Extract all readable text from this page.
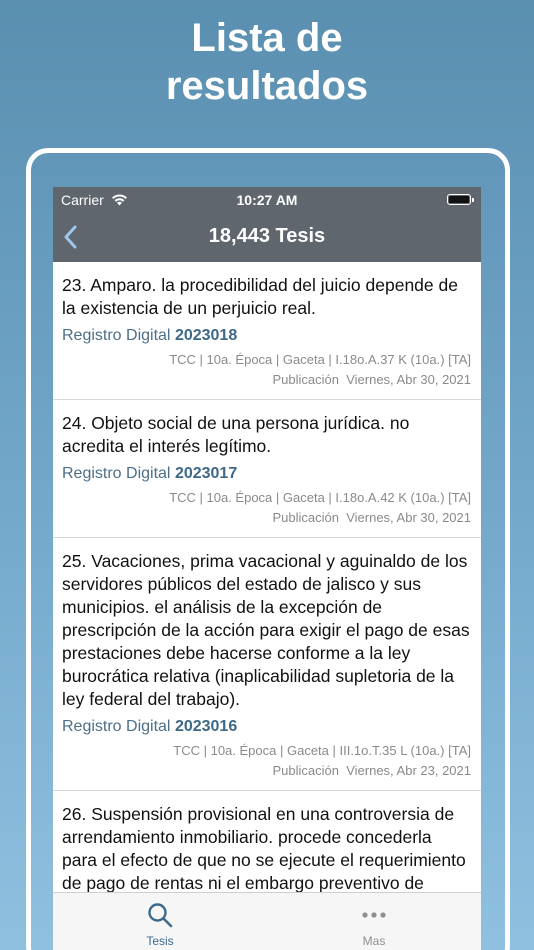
Lista de
resultados
Carrier	10:27 AM
18,443 Tesis
23. Amparo. la procedibilidad del juicio depende de la existencia de un perjuicio real.
Registro Digital 2023018
TCC | 10a. Época | Gaceta | I.18o.A.37 K (10a.) [TA]
Publicación Viernes, Abr 30, 2021
24. Objeto social de una persona jurídica. no acredita el interés legítimo.
Registro Digital 2023017
TCC | 10a. Época | Gaceta | I.18o.A.42 K (10a.) [TA]
Publicación Viernes, Abr 30, 2021
25. Vacaciones, prima vacacional y aguinaldo de los servidores públicos del estado de jalisco y sus municipios. el análisis de la excepción de prescripción de la acción para exigir el pago de esas prestaciones debe hacerse conforme a la ley burocrática relativa (inaplicabilidad supletoria de la ley federal del trabajo).
Registro Digital 2023016
TCC | 10a. Época | Gaceta | III.1o.T.35 L (10a.) [TA]
Publicación Viernes, Abr 23, 2021
26. Suspensión provisional en una controversia de arrendamiento inmobiliario. procede concederla para el efecto de que no se ejecute el requerimiento de pago de rentas ni el embargo preventivo de
Tesis	Mas
